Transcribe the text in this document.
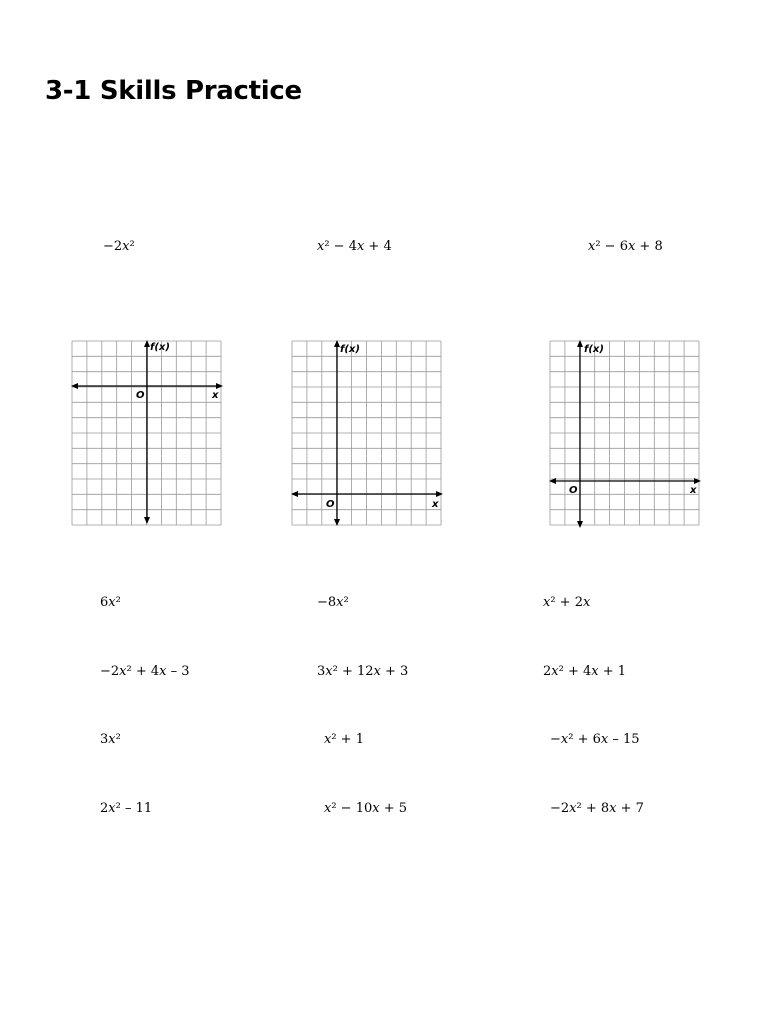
3-1 Skills Practice
−2𝑥²	𝑥² − 4𝑥 + 4	𝑥² − 6𝑥 + 8
f(x)
x
O
f(x)
x
O
f(x)
x
O
6𝑥²	−8𝑥²	𝑥² + 2𝑥
−2𝑥² + 4𝑥 – 3	3𝑥² + 12𝑥 + 3	2𝑥² + 4𝑥 + 1
3𝑥²	𝑥² + 1	−𝑥² + 6𝑥 – 15
2𝑥² – 11	𝑥² − 10𝑥 + 5	−2𝑥² + 8𝑥 + 7
